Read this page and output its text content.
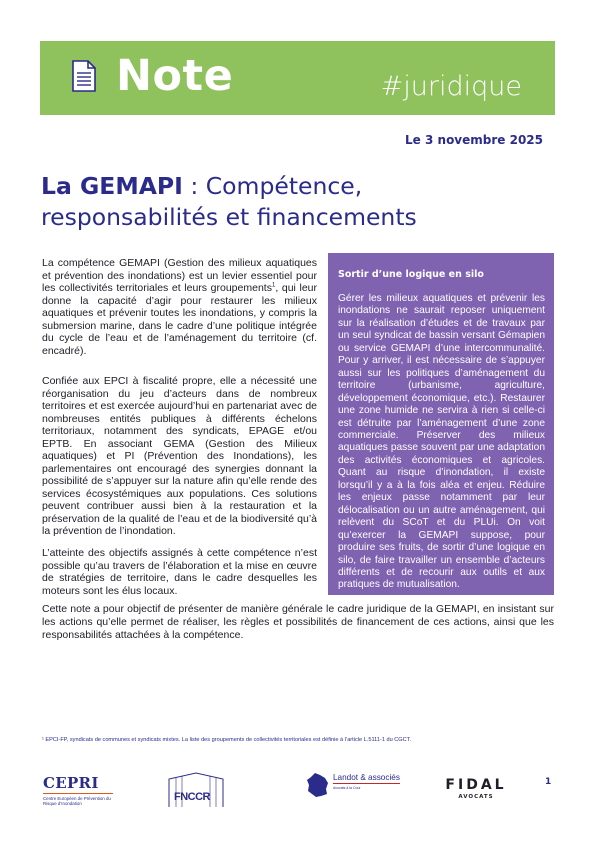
Note	#juridique
Le 3 novembre 2025
La GEMAPI : Compétence,
responsabilités et financements
La compétence GEMAPI (Gestion des milieux aquatiques et prévention des inondations) est un levier essentiel pour les collectivités territoriales et leurs groupements$^1$, qui leur donne la capacité d’agir pour restaurer les milieux aquatiques et prévenir toutes les inondations, y compris la submersion marine, dans le cadre d’une politique intégrée du cycle de l’eau et de l’aménagement du territoire (cf. encadré).
Confiée aux EPCI à fiscalité propre, elle a nécessité une réorganisation du jeu d’acteurs dans de nombreux territoires et est exercée aujourd’hui en partenariat avec de nombreuses entités publiques à différents échelons territoriaux, notamment des syndicats, EPAGE et/ou EPTB. En associant GEMA (Gestion des Milieux aquatiques) et PI (Prévention des Inondations), les parlementaires ont encouragé des synergies donnant la possibilité de s’appuyer sur la nature afin qu’elle rende des services écosystémiques aux populations. Ces solutions peuvent contribuer aussi bien à la restauration et la préservation de la qualité de l’eau et de la biodiversité qu’à la prévention de l’inondation.
L’atteinte des objectifs assignés à cette compétence n’est possible qu’au travers de l’élaboration et la mise en œuvre de stratégies de territoire, dans le cadre desquelles les moteurs sont les élus locaux.
Sortir d’une logique en silo
Gérer les milieux aquatiques et prévenir les inondations ne saurait reposer uniquement sur la réalisation d’études et de travaux par un seul syndicat de bassin versant Gémapien ou service GEMAPI d’une intercommunalité. Pour y arriver, il est nécessaire de s’appuyer aussi sur les politiques d’aménagement du territoire (urbanisme, agriculture, développement économique, etc.). Restaurer une zone humide ne servira à rien si celle-ci est détruite par l’aménagement d’une zone commerciale. Préserver des milieux aquatiques passe souvent par une adaptation des activités économiques et agricoles. Quant au risque d’inondation, il existe lorsqu’il y a à la fois aléa et enjeu. Réduire les enjeux passe notamment par leur délocalisation ou un autre aménagement, qui relèvent du SCoT et du PLUi. On voit qu’exercer la GEMAPI suppose, pour produire ses fruits, de sortir d’une logique en silo, de faire travailler un ensemble d’acteurs différents et de recourir aux outils et aux pratiques de mutualisation.
Cette note a pour objectif de présenter de manière générale le cadre juridique de la GEMAPI, en insistant sur les actions qu’elle permet de réaliser, les règles et possibilités de financement de ces actions, ainsi que les responsabilités attachées à la compétence.
¹ EPCI-FP, syndicats de communes et syndicats mixtes. La liste des groupements de collectivités territoriales est définie à l’article L.5111-1 du CGCT.
CEPRI
Centre Européen de Prévention du Risque d’Inondation
FNCCR
Landot & associés
Avocats à la Cour	FIDAL
AVOCATS
1
